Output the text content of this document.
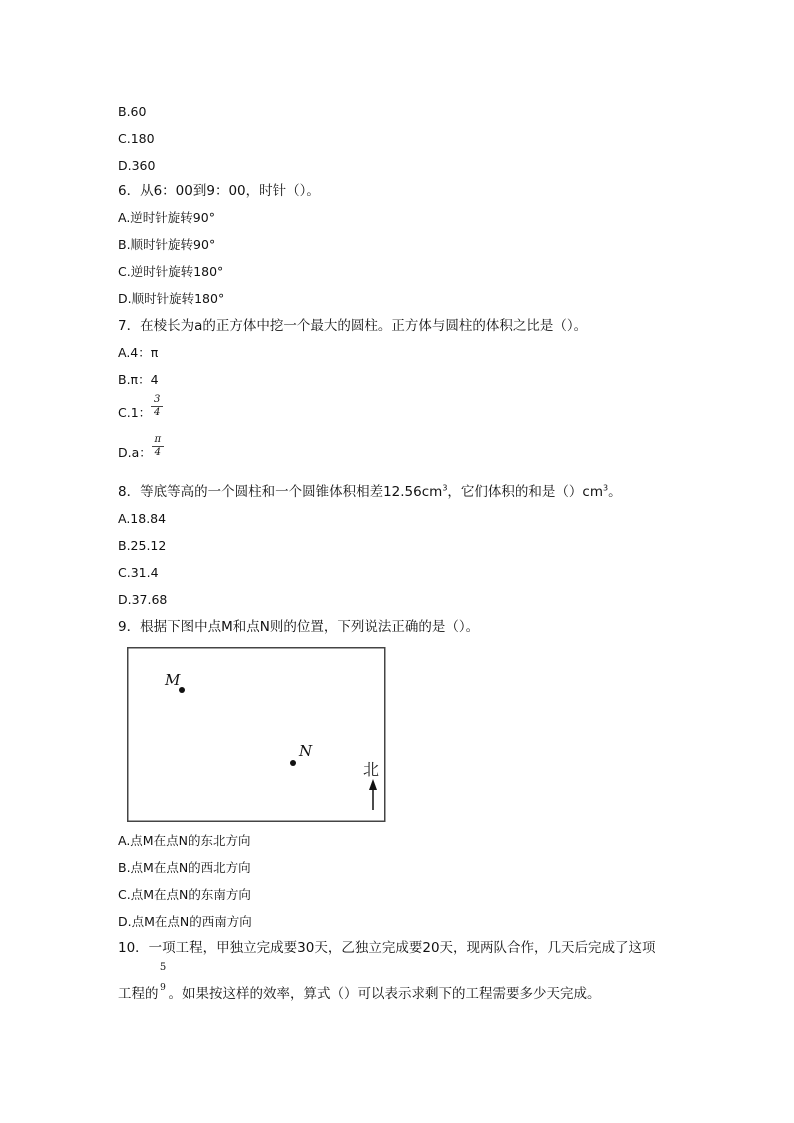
B.60
C.180
D.360
6．从6：00到9：00，时针（）。
A.逆时针旋转90°
B.顺时针旋转90°
C.逆时针旋转180°
D.顺时针旋转180°
7．在棱长为a的正方体中挖一个最大的圆柱。正方体与圆柱的体积之比是（）。
A.4：π
B.π：4
C.1： $\frac{3}{4}$
D.a： $\frac{\pi}{4}$
8．等底等高的一个圆柱和一个圆锥体积相差$12.56cm^3$，它们体积的和是$()cm^3$。
A.18.84
B.25.12
C.31.4
D.37.68
9．根据下图中点M和点N则的位置，下列说法正确的是（）。
M
N
北
A.点M在点N的东北方向
B.点M在点N的西北方向
C.点M在点N的东南方向
D.点M在点N的西南方向
10．一项工程，甲独立完成要30天，乙独立完成要20天，现两队合作，几天后完成了这项
5
9
工程的 。如果按这样的效率，算式（）可以表示求剩下的工程需要多少天完成。
